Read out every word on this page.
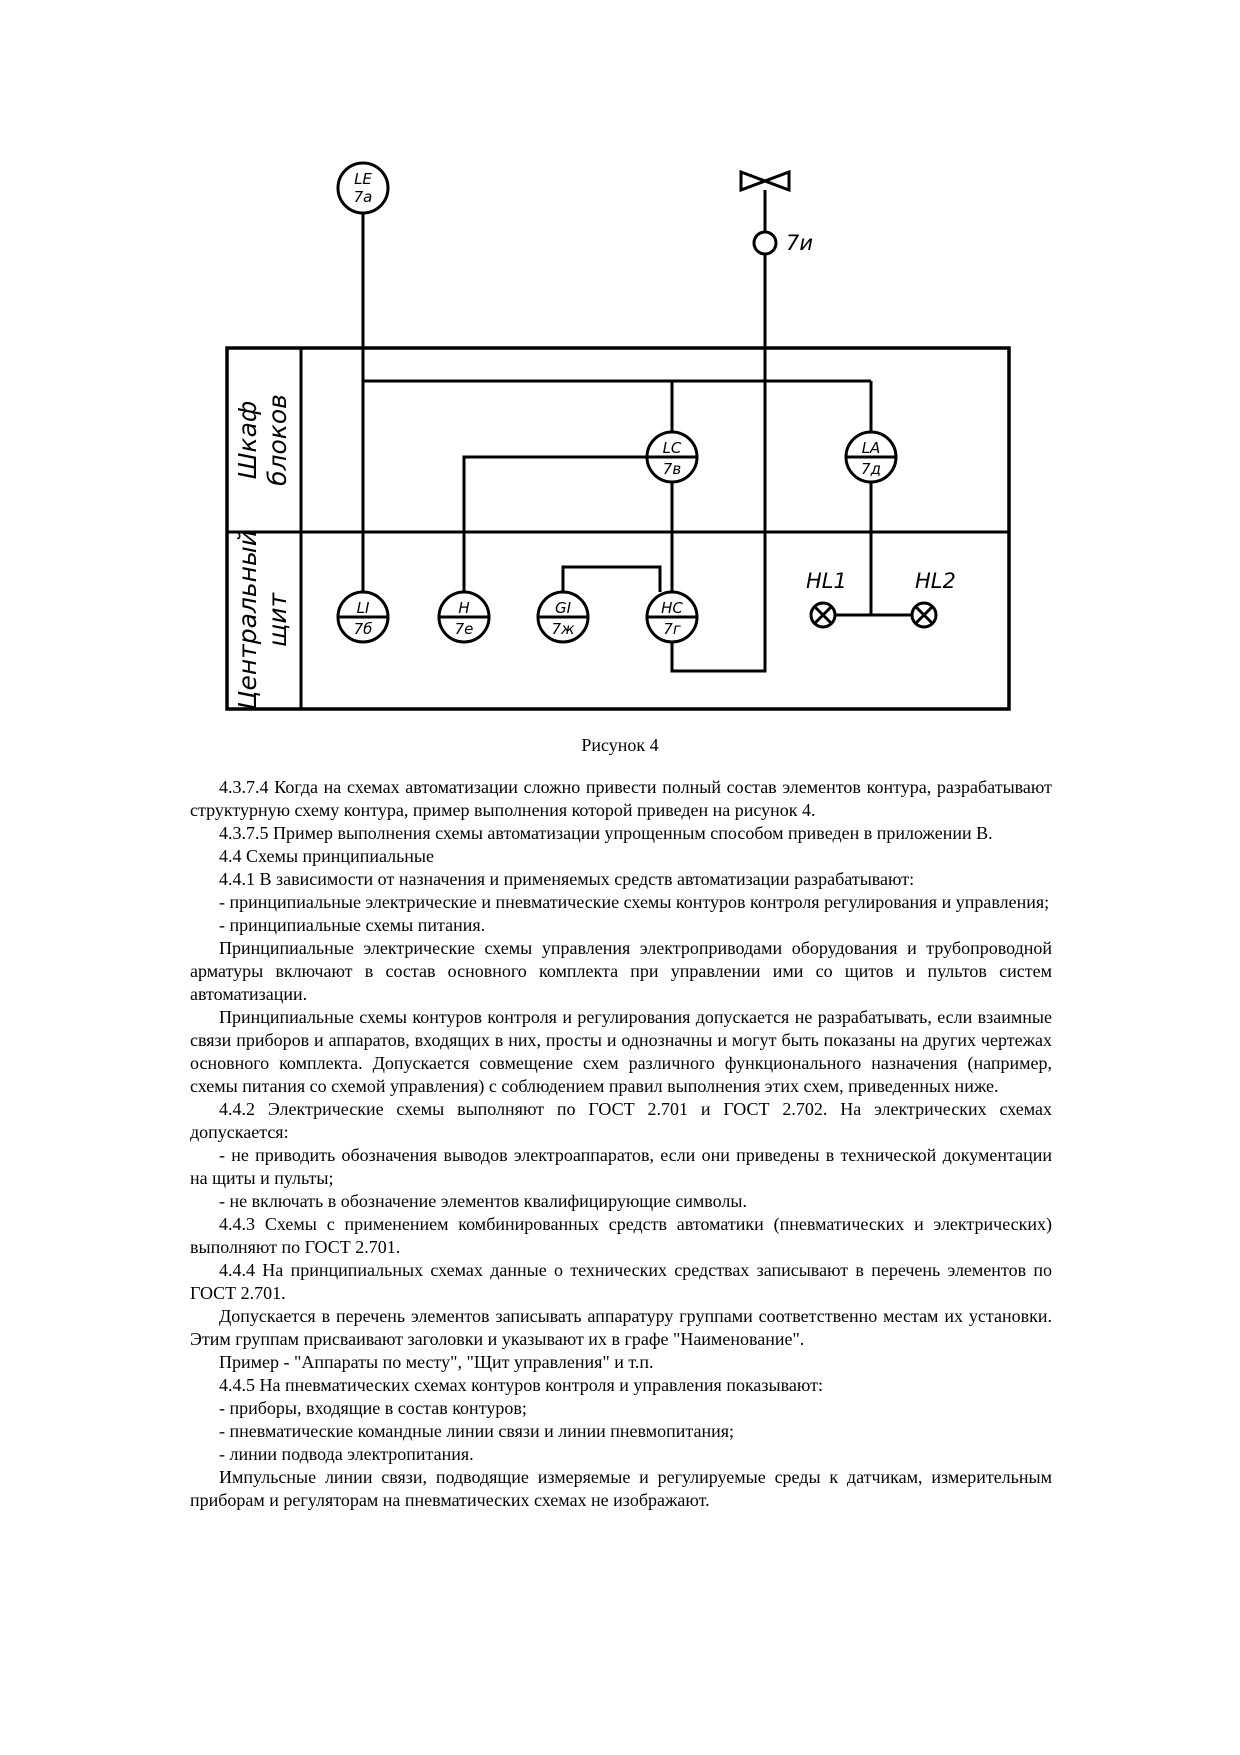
LE
7а
LC
7в
LA
7д
LI
7б
H
7е
GI
7ж
HC
7г
7и
HL1	HL2
Шкаф блоков
Центральный щит
Рисунок 4

4.3.7.4 Когда на схемах автоматизации сложно привести полный состав элементов контура, разрабатывают структурную схему контура, пример выполнения которой приведен на рисунок 4.

4.3.7.5 Пример выполнения схемы автоматизации упрощенным способом приведен в приложении В.

4.4 Схемы принципиальные

4.4.1 В зависимости от назначения и применяемых средств автоматизации разрабатывают:

- принципиальные электрические и пневматические схемы контуров контроля регулирования и управления;

- принципиальные схемы питания.

Принципиальные электрические схемы управления электроприводами оборудования и трубопроводной арматуры включают в состав основного комплекта при управлении ими со щитов и пультов систем автоматизации.

Принципиальные схемы контуров контроля и регулирования допускается не разрабатывать, если взаимные связи приборов и аппаратов, входящих в них, просты и однозначны и могут быть показаны на других чертежах основного комплекта. Допускается совмещение схем различного функционального назначения (например, схемы питания со схемой управления) с соблюдением правил выполнения этих схем, приведенных ниже.

4.4.2 Электрические схемы выполняют по ГОСТ 2.701 и ГОСТ 2.702. На электрических схемах допускается:

- не приводить обозначения выводов электроаппаратов, если они приведены в технической документации на щиты и пульты;

- не включать в обозначение элементов квалифицирующие символы.

4.4.3 Схемы с применением комбинированных средств автоматики (пневматических и электрических) выполняют по ГОСТ 2.701.

4.4.4 На принципиальных схемах данные о технических средствах записывают в перечень элементов по ГОСТ 2.701.

Допускается в перечень элементов записывать аппаратуру группами соответственно местам их установки. Этим группам присваивают заголовки и указывают их в графе "Наименование".

Пример - "Аппараты по месту", "Щит управления" и т.п.

4.4.5 На пневматических схемах контуров контроля и управления показывают:

- приборы, входящие в состав контуров;

- пневматические командные линии связи и линии пневмопитания;

- линии подвода электропитания.

Импульсные линии связи, подводящие измеряемые и регулируемые среды к датчикам, измерительным приборам и регуляторам на пневматических схемах не изображают.
